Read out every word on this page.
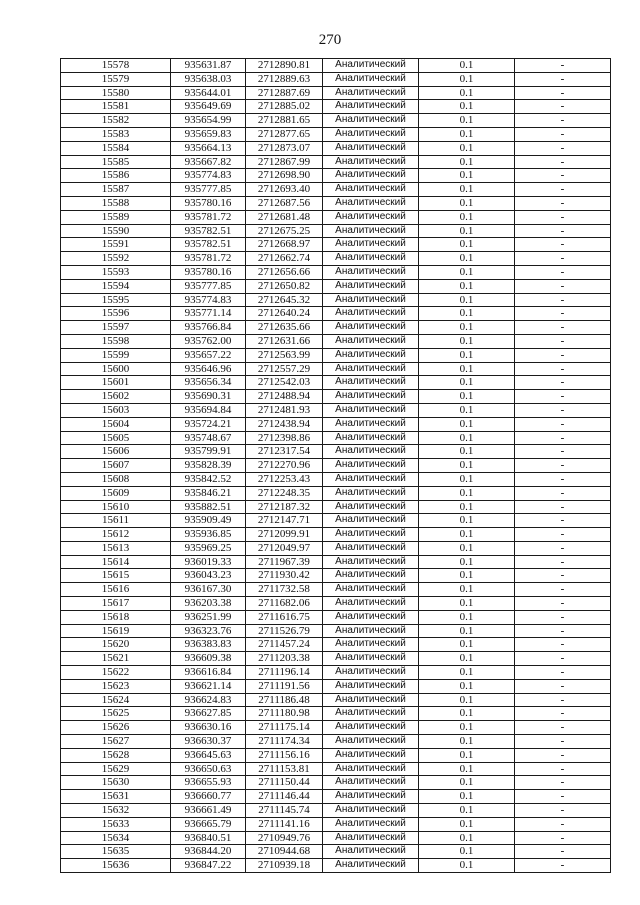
270
15578	935631.87	2712890.81	Аналитический	0.1	-
15579	935638.03	2712889.63	Аналитический	0.1	-
15580	935644.01	2712887.69	Аналитический	0.1	-
15581	935649.69	2712885.02	Аналитический	0.1	-
15582	935654.99	2712881.65	Аналитический	0.1	-
15583	935659.83	2712877.65	Аналитический	0.1	-
15584	935664.13	2712873.07	Аналитический	0.1	-
15585	935667.82	2712867.99	Аналитический	0.1	-
15586	935774.83	2712698.90	Аналитический	0.1	-
15587	935777.85	2712693.40	Аналитический	0.1	-
15588	935780.16	2712687.56	Аналитический	0.1	-
15589	935781.72	2712681.48	Аналитический	0.1	-
15590	935782.51	2712675.25	Аналитический	0.1	-
15591	935782.51	2712668.97	Аналитический	0.1	-
15592	935781.72	2712662.74	Аналитический	0.1	-
15593	935780.16	2712656.66	Аналитический	0.1	-
15594	935777.85	2712650.82	Аналитический	0.1	-
15595	935774.83	2712645.32	Аналитический	0.1	-
15596	935771.14	2712640.24	Аналитический	0.1	-
15597	935766.84	2712635.66	Аналитический	0.1	-
15598	935762.00	2712631.66	Аналитический	0.1	-
15599	935657.22	2712563.99	Аналитический	0.1	-
15600	935646.96	2712557.29	Аналитический	0.1	-
15601	935656.34	2712542.03	Аналитический	0.1	-
15602	935690.31	2712488.94	Аналитический	0.1	-
15603	935694.84	2712481.93	Аналитический	0.1	-
15604	935724.21	2712438.94	Аналитический	0.1	-
15605	935748.67	2712398.86	Аналитический	0.1	-
15606	935799.91	2712317.54	Аналитический	0.1	-
15607	935828.39	2712270.96	Аналитический	0.1	-
15608	935842.52	2712253.43	Аналитический	0.1	-
15609	935846.21	2712248.35	Аналитический	0.1	-
15610	935882.51	2712187.32	Аналитический	0.1	-
15611	935909.49	2712147.71	Аналитический	0.1	-
15612	935936.85	2712099.91	Аналитический	0.1	-
15613	935969.25	2712049.97	Аналитический	0.1	-
15614	936019.33	2711967.39	Аналитический	0.1	-
15615	936043.23	2711930.42	Аналитический	0.1	-
15616	936167.30	2711732.58	Аналитический	0.1	-
15617	936203.38	2711682.06	Аналитический	0.1	-
15618	936251.99	2711616.75	Аналитический	0.1	-
15619	936323.76	2711526.79	Аналитический	0.1	-
15620	936383.83	2711457.24	Аналитический	0.1	-
15621	936609.38	2711203.38	Аналитический	0.1	-
15622	936616.84	2711196.14	Аналитический	0.1	-
15623	936621.14	2711191.56	Аналитический	0.1	-
15624	936624.83	2711186.48	Аналитический	0.1	-
15625	936627.85	2711180.98	Аналитический	0.1	-
15626	936630.16	2711175.14	Аналитический	0.1	-
15627	936630.37	2711174.34	Аналитический	0.1	-
15628	936645.63	2711156.16	Аналитический	0.1	-
15629	936650.63	2711153.81	Аналитический	0.1	-
15630	936655.93	2711150.44	Аналитический	0.1	-
15631	936660.77	2711146.44	Аналитический	0.1	-
15632	936661.49	2711145.74	Аналитический	0.1	-
15633	936665.79	2711141.16	Аналитический	0.1	-
15634	936840.51	2710949.76	Аналитический	0.1	-
15635	936844.20	2710944.68	Аналитический	0.1	-
15636	936847.22	2710939.18	Аналитический	0.1	-
